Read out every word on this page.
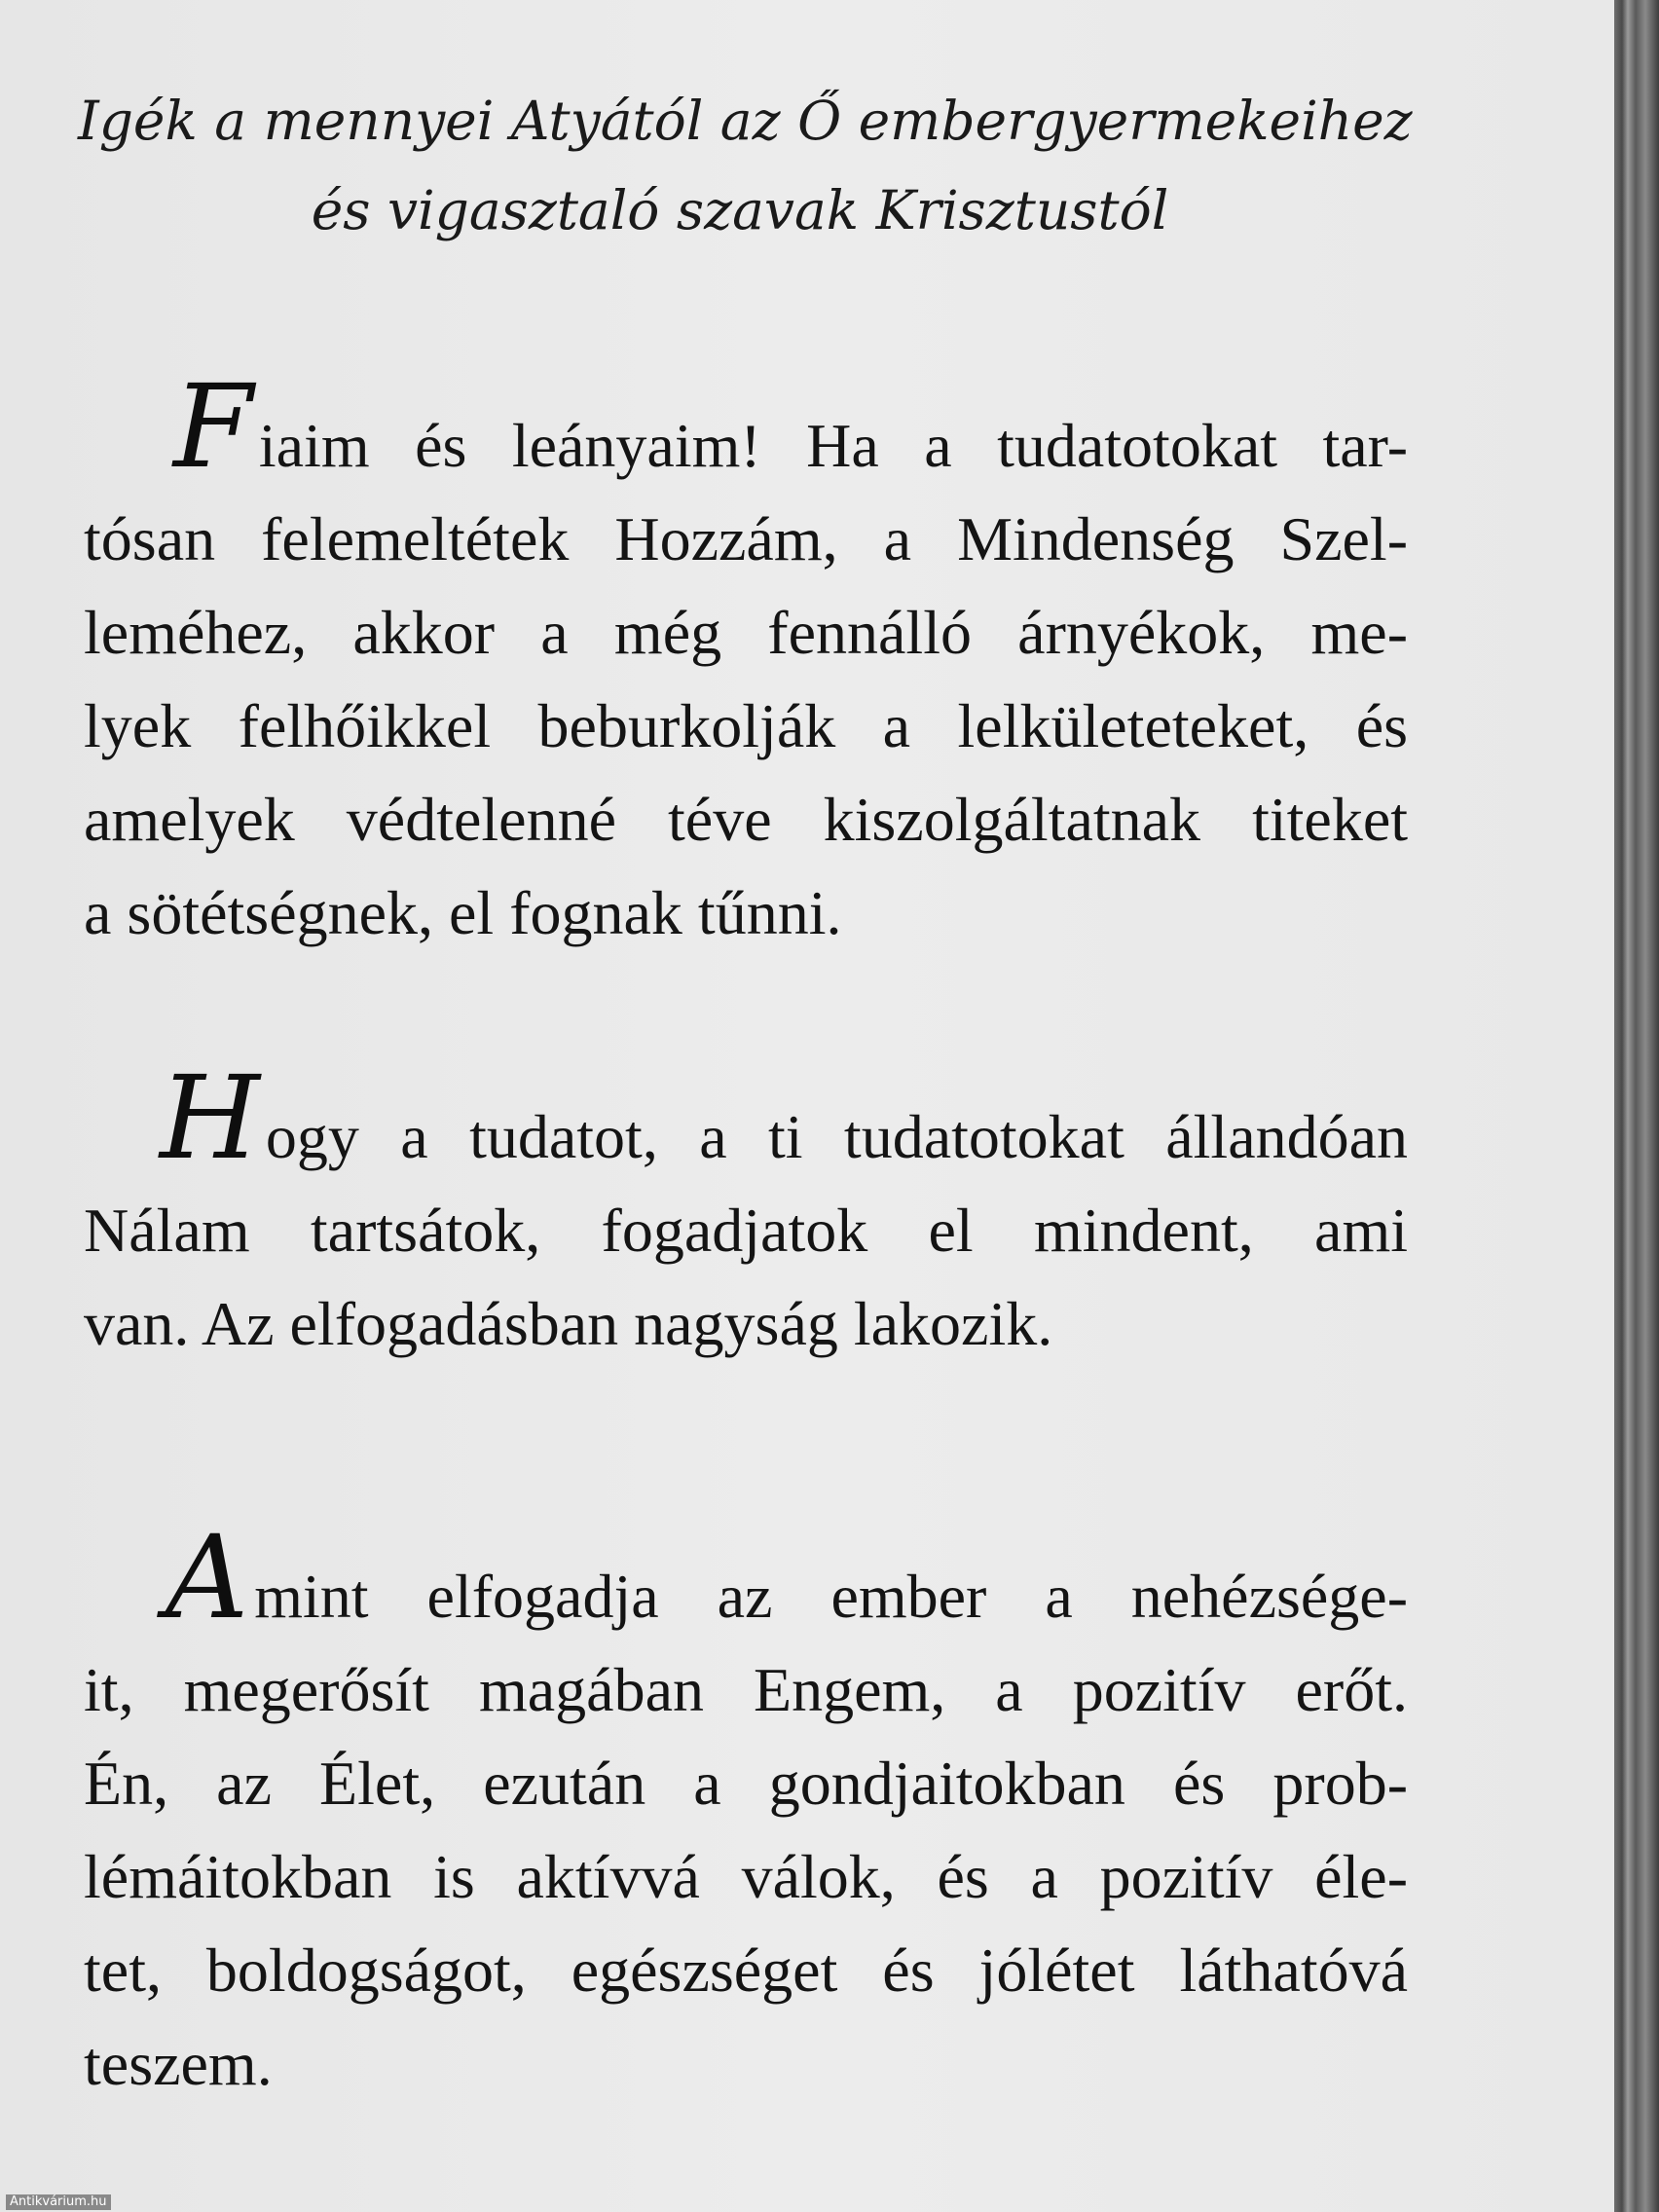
Igék a mennyei Atyától az Ő embergyermekeihez
és vigasztaló szavak Krisztustól
Fiaim és leányaim! Ha a tudatotokat tar-
tósan felemeltétek Hozzám, a Mindenség Szel-
leméhez, akkor a még fennálló árnyékok, me-
lyek felhőikkel beburkolják a lelkületeteket, és
amelyek védtelenné téve kiszolgáltatnak titeket
a sötétségnek, el fognak tűnni.
Hogy a tudatot, a ti tudatotokat állandóan
Nálam tartsátok, fogadjatok el mindent, ami
van. Az elfogadásban nagyság lakozik.
Amint elfogadja az ember a nehézsége-
it, megerősít magában Engem, a pozitív erőt.
Én, az Élet, ezután a gondjaitokban és prob-
lémáitokban is aktívvá válok, és a pozitív éle-
tet, boldogságot, egészséget és jólétet láthatóvá
teszem.
Antikvárium.hu
